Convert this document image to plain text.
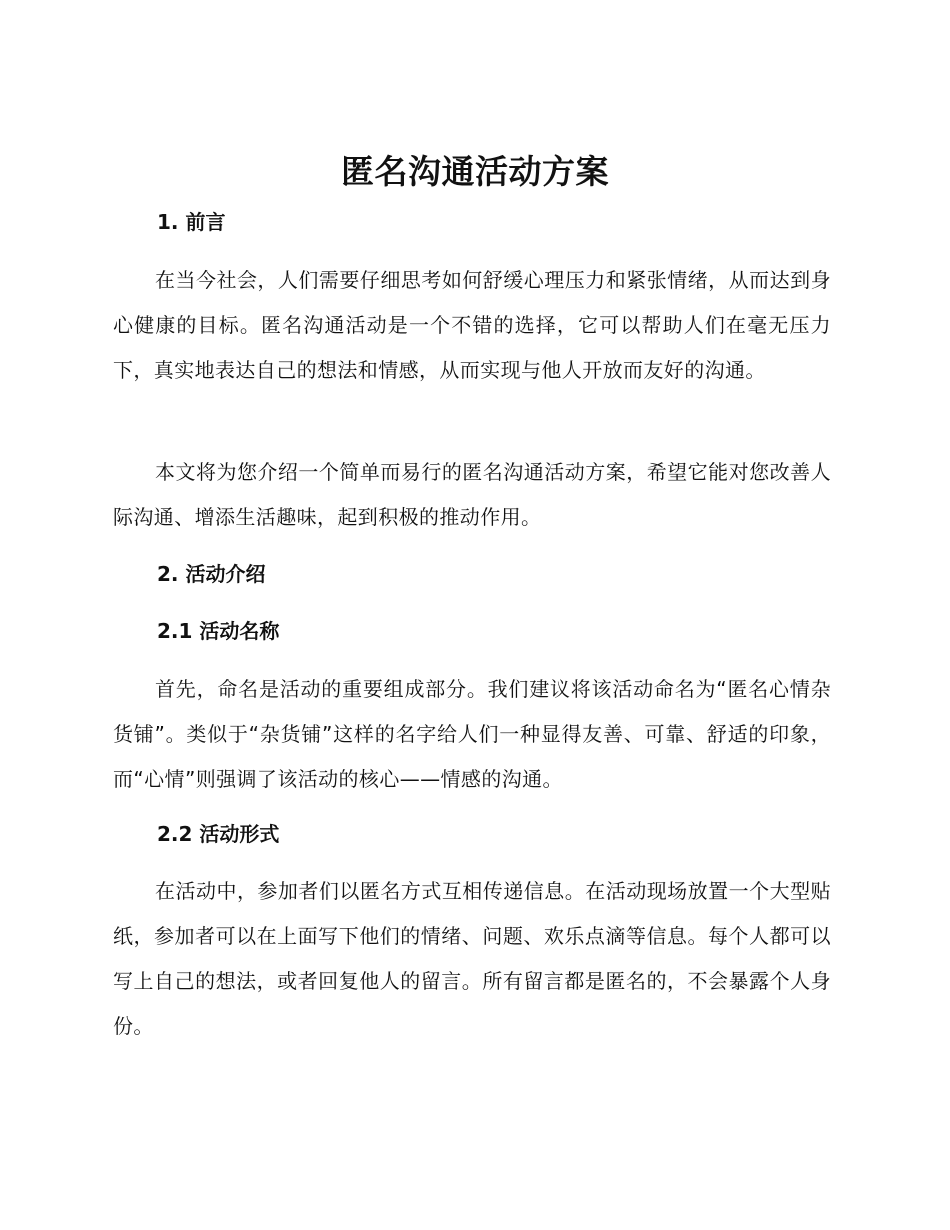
匿名沟通活动方案
1. 前言

在当今社会，人们需要仔细思考如何舒缓心理压力和紧张情绪，从而达到身心健康的目标。匿名沟通活动是一个不错的选择，它可以帮助人们在毫无压力下，真实地表达自己的想法和情感，从而实现与他人开放而友好的沟通。

本文将为您介绍一个简单而易行的匿名沟通活动方案，希望它能对您改善人际沟通、增添生活趣味，起到积极的推动作用。

2. 活动介绍
2.1 活动名称

首先，命名是活动的重要组成部分。我们建议将该活动命名为“匿名心情杂货铺”。类似于“杂货铺”这样的名字给人们一种显得友善、可靠、舒适的印象，而“心情”则强调了该活动的核心——情感的沟通。

2.2 活动形式

在活动中，参加者们以匿名方式互相传递信息。在活动现场放置一个大型贴纸，参加者可以在上面写下他们的情绪、问题、欢乐点滴等信息。每个人都可以写上自己的想法，或者回复他人的留言。所有留言都是匿名的，不会暴露个人身份。
